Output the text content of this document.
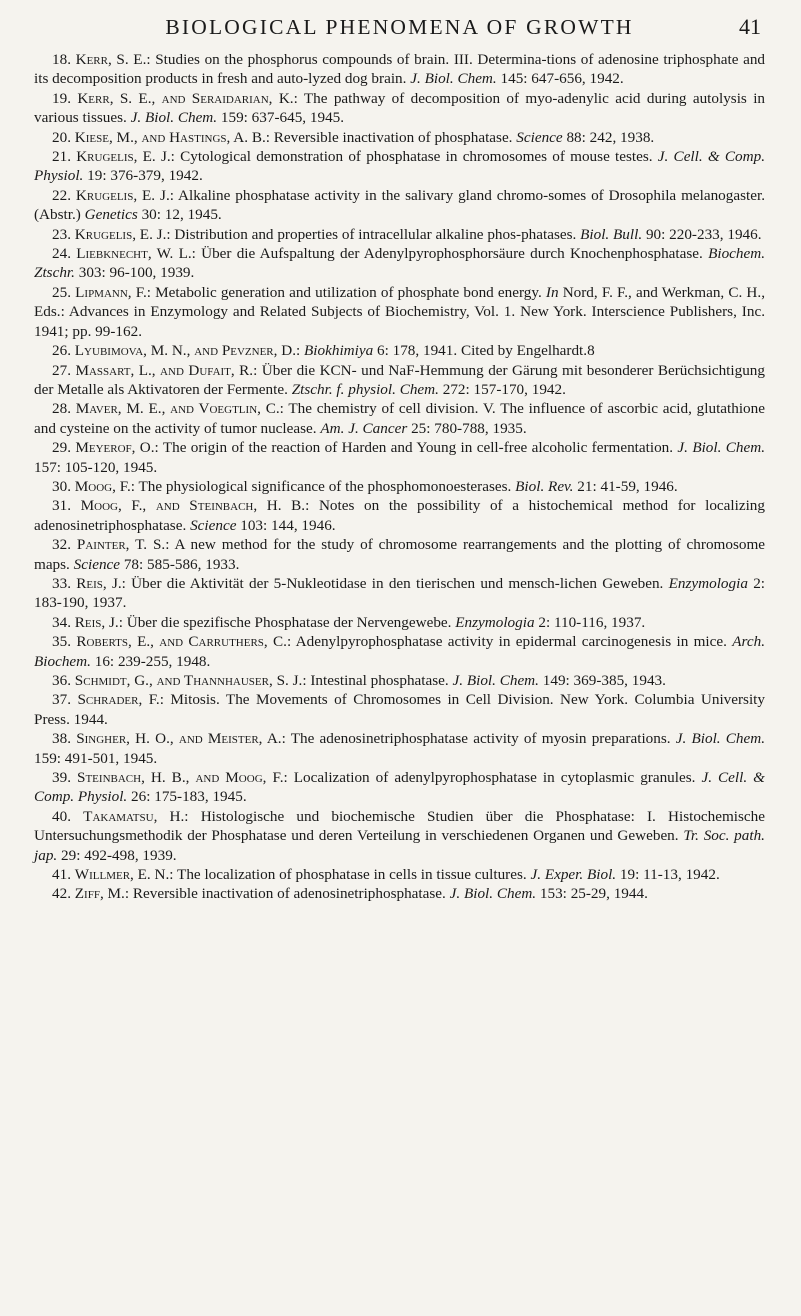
BIOLOGICAL PHENOMENA OF GROWTH	41

18. Kerr, S. E.: Studies on the phosphorus compounds of brain. III. Determina-tions of adenosine triphosphate and its decomposition products in fresh and auto-lyzed dog brain. J. Biol. Chem. 145: 647-656, 1942.

19. Kerr, S. E., and Seraidarian, K.: The pathway of decomposition of myo-adenylic acid during autolysis in various tissues. J. Biol. Chem. 159: 637-645, 1945.

20. Kiese, M., and Hastings, A. B.: Reversible inactivation of phosphatase. Science 88: 242, 1938.

21. Krugelis, E. J.: Cytological demonstration of phosphatase in chromosomes of mouse testes. J. Cell. & Comp. Physiol. 19: 376-379, 1942.

22. Krugelis, E. J.: Alkaline phosphatase activity in the salivary gland chromo-somes of Drosophila melanogaster. (Abstr.) Genetics 30: 12, 1945.

23. Krugelis, E. J.: Distribution and properties of intracellular alkaline phos-phatases. Biol. Bull. 90: 220-233, 1946.

24. Liebknecht, W. L.: Über die Aufspaltung der Adenylpyrophosphorsäure durch Knochenphosphatase. Biochem. Ztschr. 303: 96-100, 1939.

25. Lipmann, F.: Metabolic generation and utilization of phosphate bond energy. In Nord, F. F., and Werkman, C. H., Eds.: Advances in Enzymology and Related Subjects of Biochemistry, Vol. 1. New York. Interscience Publishers, Inc. 1941; pp. 99-162.

26. Lyubimova, M. N., and Pevzner, D.: Biokhimiya 6: 178, 1941. Cited by Engelhardt.8

27. Massart, L., and Dufait, R.: Über die KCN- und NaF-Hemmung der Gärung mit besonderer Berüchsichtigung der Metalle als Aktivatoren der Fermente. Ztschr. f. physiol. Chem. 272: 157-170, 1942.

28. Maver, M. E., and Voegtlin, C.: The chemistry of cell division. V. The influence of ascorbic acid, glutathione and cysteine on the activity of tumor nuclease. Am. J. Cancer 25: 780-788, 1935.

29. Meyerof, O.: The origin of the reaction of Harden and Young in cell-free alcoholic fermentation. J. Biol. Chem. 157: 105-120, 1945.

30. Moog, F.: The physiological significance of the phosphomonoesterases. Biol. Rev. 21: 41-59, 1946.

31. Moog, F., and Steinbach, H. B.: Notes on the possibility of a histochemical method for localizing adenosinetriphosphatase. Science 103: 144, 1946.

32. Painter, T. S.: A new method for the study of chromosome rearrangements and the plotting of chromosome maps. Science 78: 585-586, 1933.

33. Reis, J.: Über die Aktivität der 5-Nukleotidase in den tierischen und mensch-lichen Geweben. Enzymologia 2: 183-190, 1937.

34. Reis, J.: Über die spezifische Phosphatase der Nervengewebe. Enzymologia 2: 110-116, 1937.

35. Roberts, E., and Carruthers, C.: Adenylpyrophosphatase activity in epidermal carcinogenesis in mice. Arch. Biochem. 16: 239-255, 1948.

36. Schmidt, G., and Thannhauser, S. J.: Intestinal phosphatase. J. Biol. Chem. 149: 369-385, 1943.

37. Schrader, F.: Mitosis. The Movements of Chromosomes in Cell Division. New York. Columbia University Press. 1944.

38. Singher, H. O., and Meister, A.: The adenosinetriphosphatase activity of myosin preparations. J. Biol. Chem. 159: 491-501, 1945.

39. Steinbach, H. B., and Moog, F.: Localization of adenylpyrophosphatase in cytoplasmic granules. J. Cell. & Comp. Physiol. 26: 175-183, 1945.

40. Takamatsu, H.: Histologische und biochemische Studien über die Phosphatase: I. Histochemische Untersuchungsmethodik der Phosphatase und deren Verteilung in verschiedenen Organen und Geweben. Tr. Soc. path. jap. 29: 492-498, 1939.

41. Willmer, E. N.: The localization of phosphatase in cells in tissue cultures. J. Exper. Biol. 19: 11-13, 1942.

42. Ziff, M.: Reversible inactivation of adenosinetriphosphatase. J. Biol. Chem. 153: 25-29, 1944.
